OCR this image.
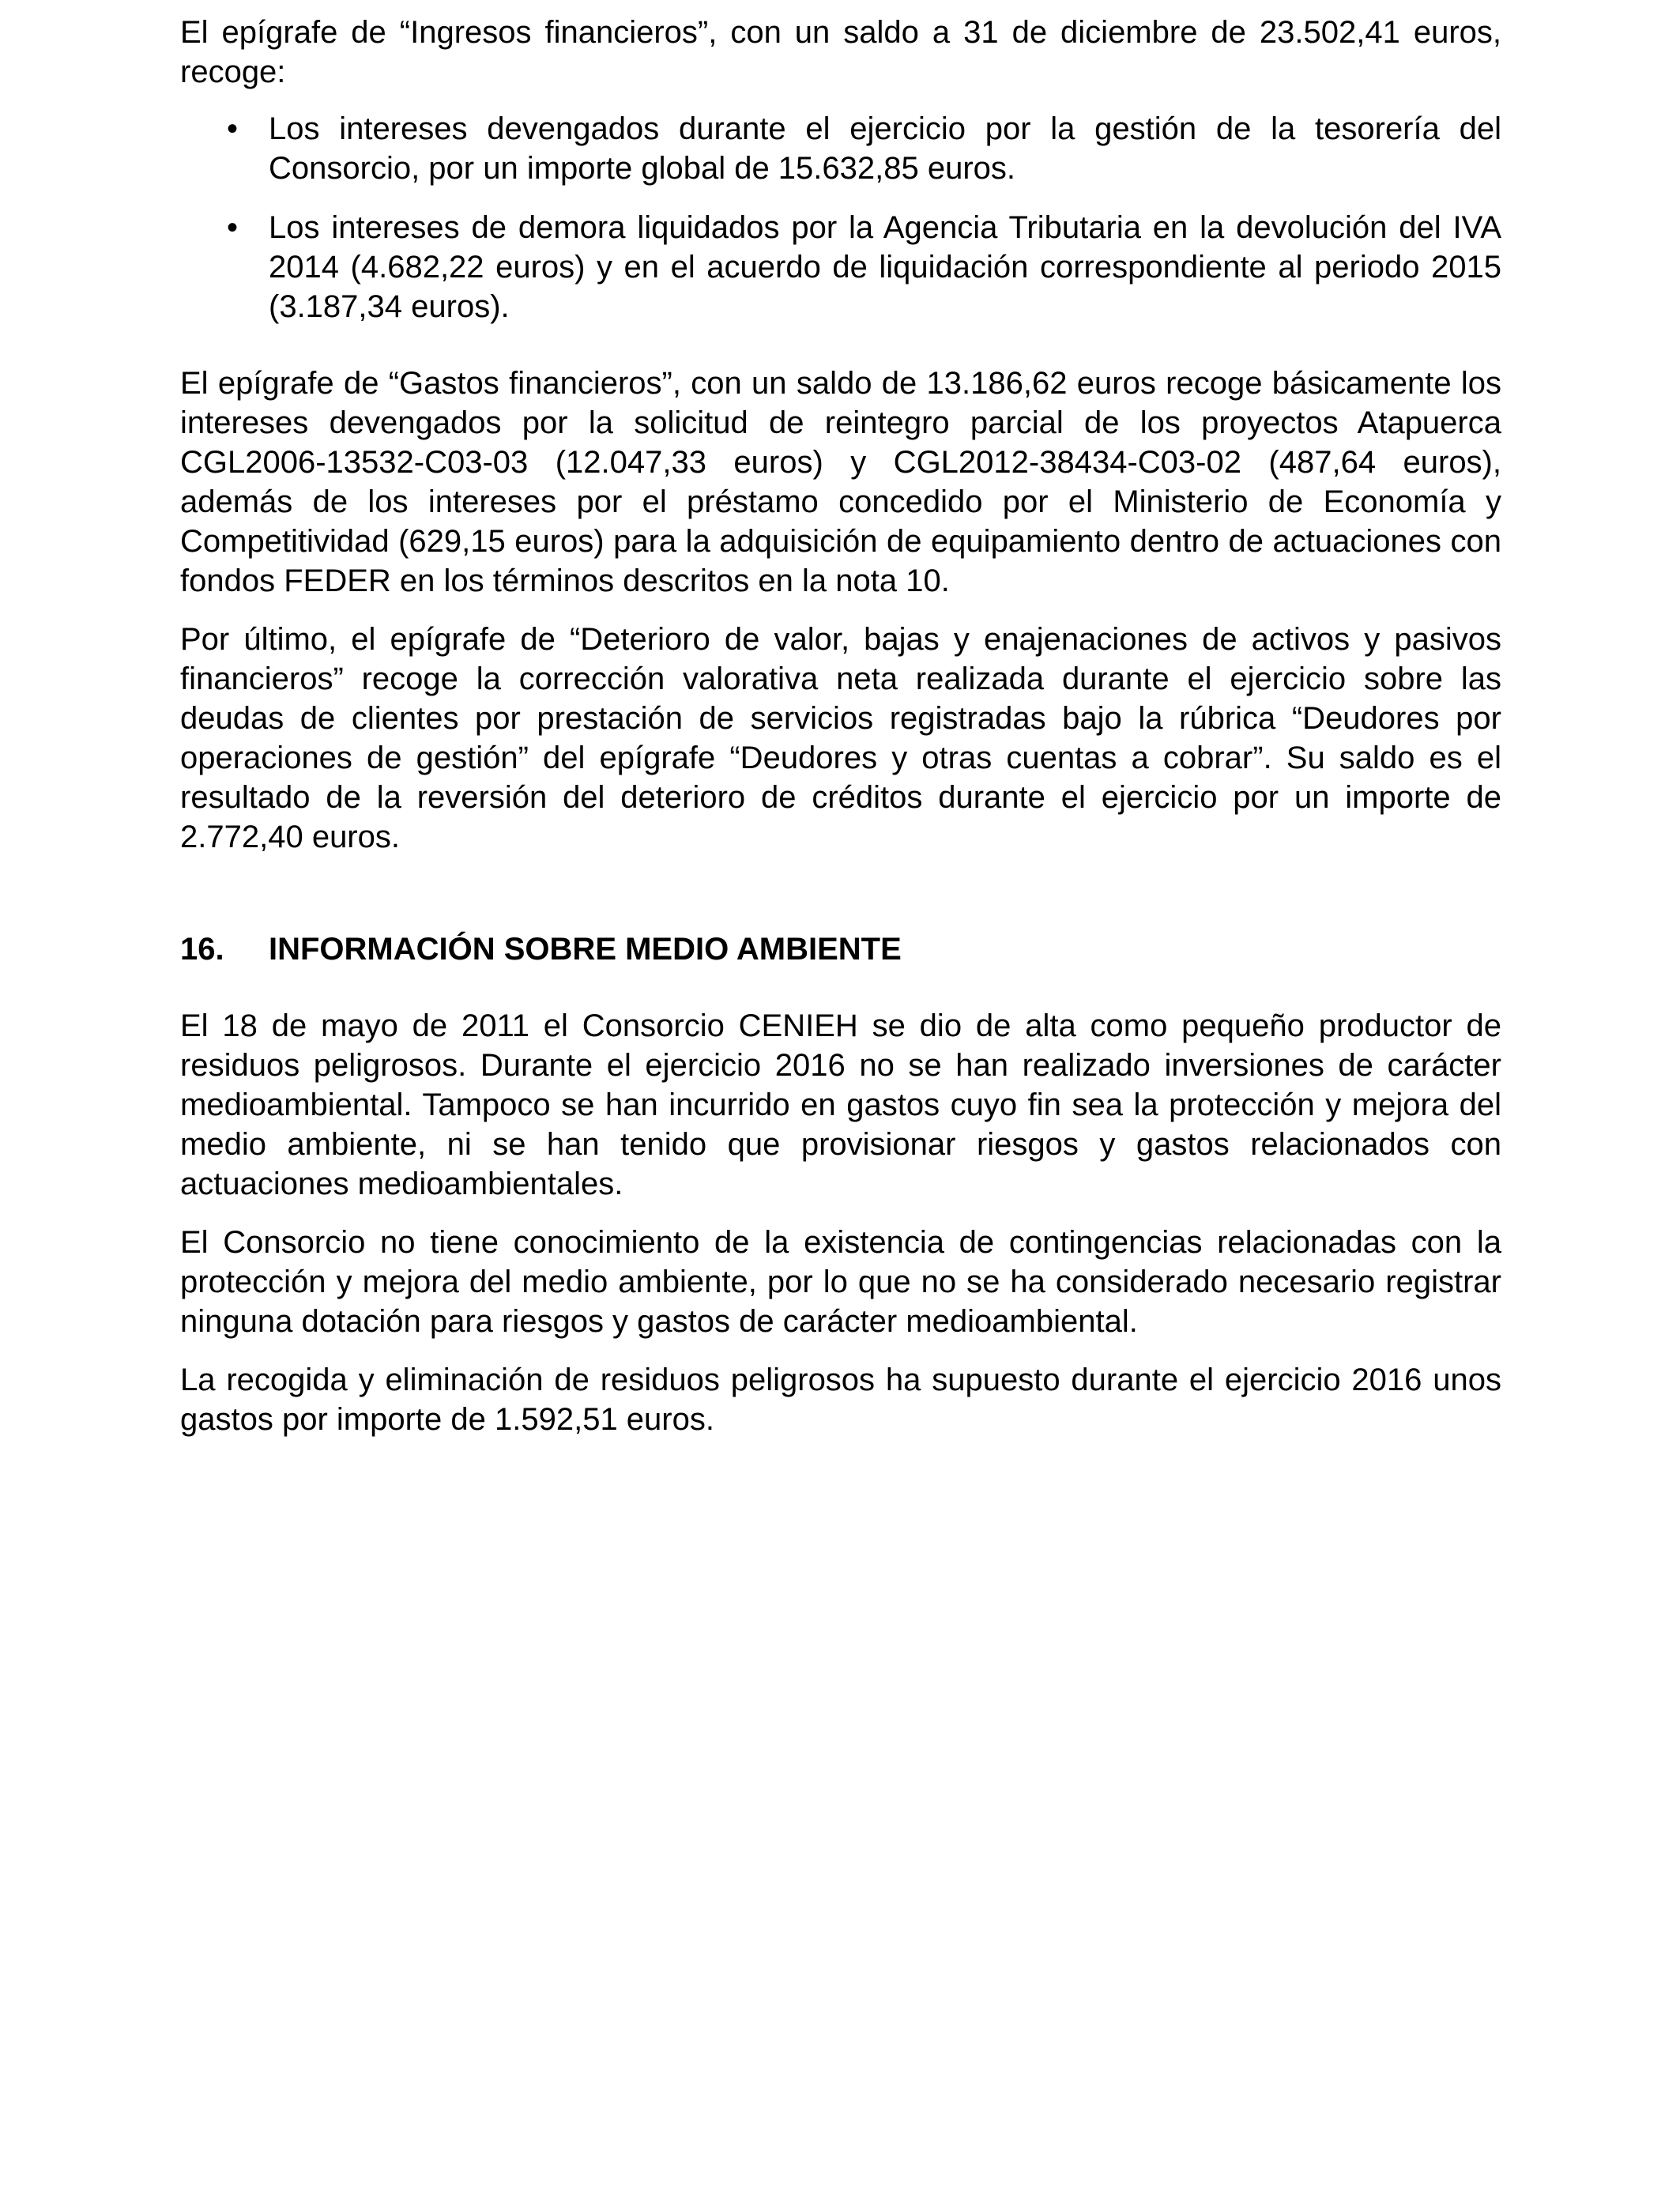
El epígrafe de “Ingresos financieros”, con un saldo a 31 de diciembre de 23.502,41 euros, recoge:

• Los intereses devengados durante el ejercicio por la gestión de la tesorería del Consorcio, por un importe global de 15.632,85 euros.
• Los intereses de demora liquidados por la Agencia Tributaria en la devolución del IVA 2014 (4.682,22 euros) y en el acuerdo de liquidación correspondiente al periodo 2015 (3.187,34 euros).

El epígrafe de “Gastos financieros”, con un saldo de 13.186,62 euros recoge básicamente los intereses devengados por la solicitud de reintegro parcial de los proyectos Atapuerca CGL2006-13532-C03-03 (12.047,33 euros) y CGL2012-38434-C03-02 (487,64 euros), además de los intereses por el préstamo concedido por el Ministerio de Economía y Competitividad (629,15 euros) para la adquisición de equipamiento dentro de actuaciones con fondos FEDER en los términos descritos en la nota 10.

Por último, el epígrafe de “Deterioro de valor, bajas y enajenaciones de activos y pasivos financieros” recoge la corrección valorativa neta realizada durante el ejercicio sobre las deudas de clientes por prestación de servicios registradas bajo la rúbrica “Deudores por operaciones de gestión” del epígrafe “Deudores y otras cuentas a cobrar”. Su saldo es el resultado de la reversión del deterioro de créditos durante el ejercicio por un importe de 2.772,40 euros.

16.	INFORMACIÓN SOBRE MEDIO AMBIENTE

El 18 de mayo de 2011 el Consorcio CENIEH se dio de alta como pequeño productor de residuos peligrosos. Durante el ejercicio 2016 no se han realizado inversiones de carácter medioambiental. Tampoco se han incurrido en gastos cuyo fin sea la protección y mejora del medio ambiente, ni se han tenido que provisionar riesgos y gastos relacionados con actuaciones medioambientales.

El Consorcio no tiene conocimiento de la existencia de contingencias relacionadas con la protección y mejora del medio ambiente, por lo que no se ha considerado necesario registrar ninguna dotación para riesgos y gastos de carácter medioambiental.

La recogida y eliminación de residuos peligrosos ha supuesto durante el ejercicio 2016 unos gastos por importe de 1.592,51 euros.
